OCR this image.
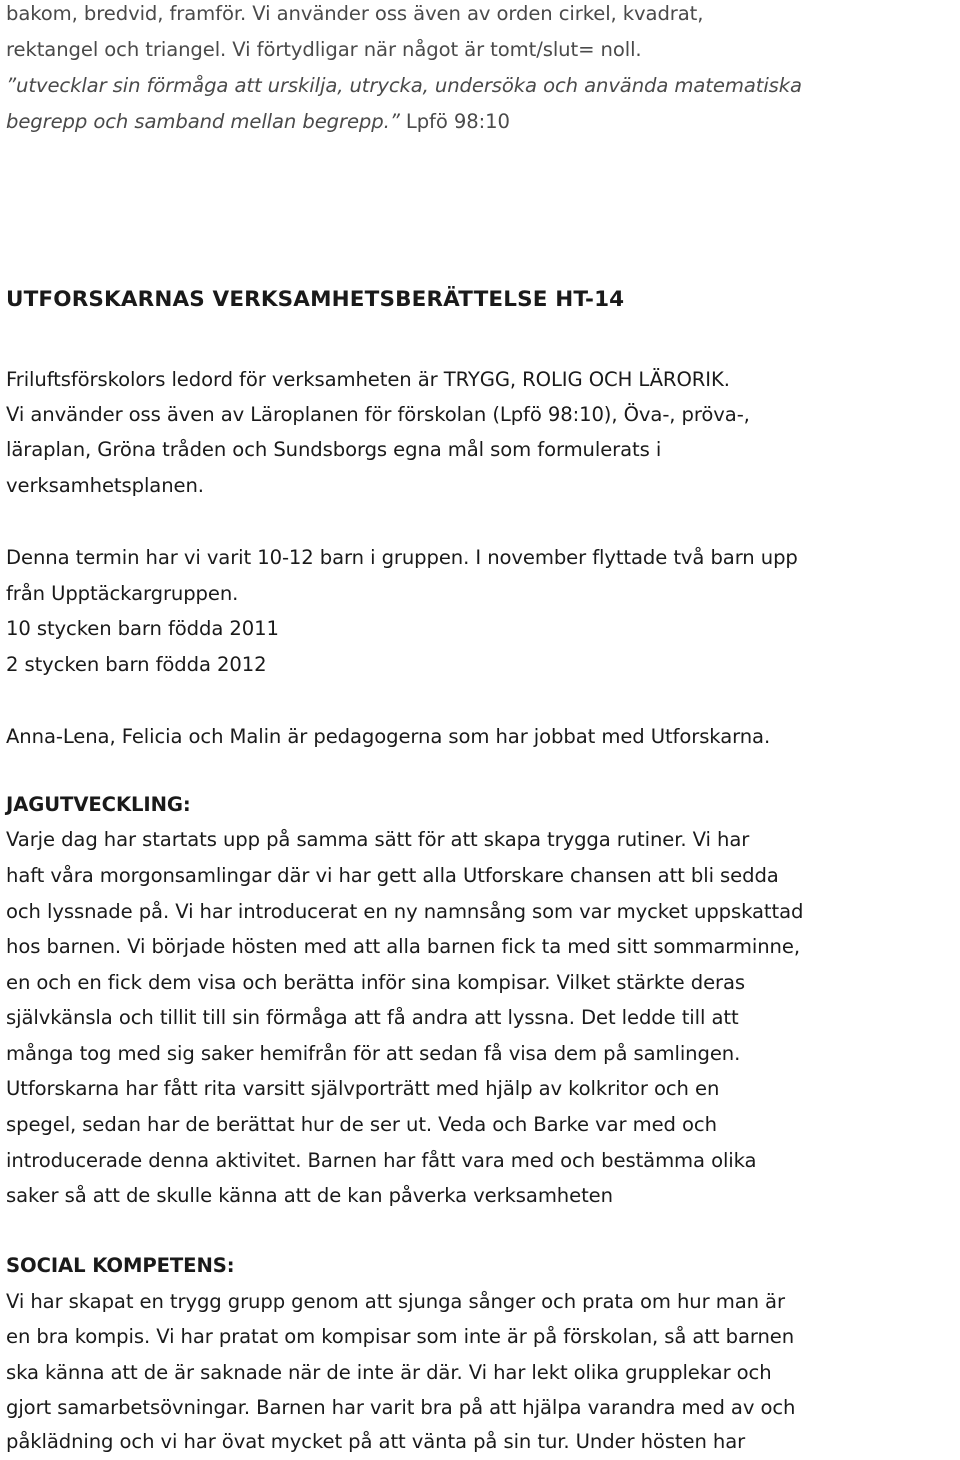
bakom, bredvid, framför. Vi använder oss även av orden cirkel, kvadrat,
rektangel och triangel. Vi förtydligar när något är tomt/slut= noll.
”utvecklar sin förmåga att urskilja, utrycka, undersöka och använda matematiska
begrepp och samband mellan begrepp.” Lpfö 98:10
UTFORSKARNAS VERKSAMHETSBERÄTTELSE HT-14
Friluftsförskolors ledord för verksamheten är TRYGG, ROLIG OCH LÄRORIK.
Vi använder oss även av Läroplanen för förskolan (Lpfö 98:10), Öva-, pröva-,
läraplan, Gröna tråden och Sundsborgs egna mål som formulerats i
verksamhetsplanen.
Denna termin har vi varit 10-12 barn i gruppen. I november flyttade två barn upp
från Upptäckargruppen.
10 stycken barn födda 2011
2 stycken barn födda 2012
Anna-Lena, Felicia och Malin är pedagogerna som har jobbat med Utforskarna.
JAGUTVECKLING:
Varje dag har startats upp på samma sätt för att skapa trygga rutiner. Vi har
haft våra morgonsamlingar där vi har gett alla Utforskare chansen att bli sedda
och lyssnade på. Vi har introducerat en ny namnsång som var mycket uppskattad
hos barnen. Vi började hösten med att alla barnen fick ta med sitt sommarminne,
en och en fick dem visa och berätta inför sina kompisar. Vilket stärkte deras
självkänsla och tillit till sin förmåga att få andra att lyssna. Det ledde till att
många tog med sig saker hemifrån för att sedan få visa dem på samlingen.
Utforskarna har fått rita varsitt självporträtt med hjälp av kolkritor och en
spegel, sedan har de berättat hur de ser ut. Veda och Barke var med och
introducerade denna aktivitet. Barnen har fått vara med och bestämma olika
saker så att de skulle känna att de kan påverka verksamheten
SOCIAL KOMPETENS:
Vi har skapat en trygg grupp genom att sjunga sånger och prata om hur man är
en bra kompis. Vi har pratat om kompisar som inte är på förskolan, så att barnen
ska känna att de är saknade när de inte är där. Vi har lekt olika grupplekar och
gjort samarbetsövningar. Barnen har varit bra på att hjälpa varandra med av och
påklädning och vi har övat mycket på att vänta på sin tur. Under hösten har
